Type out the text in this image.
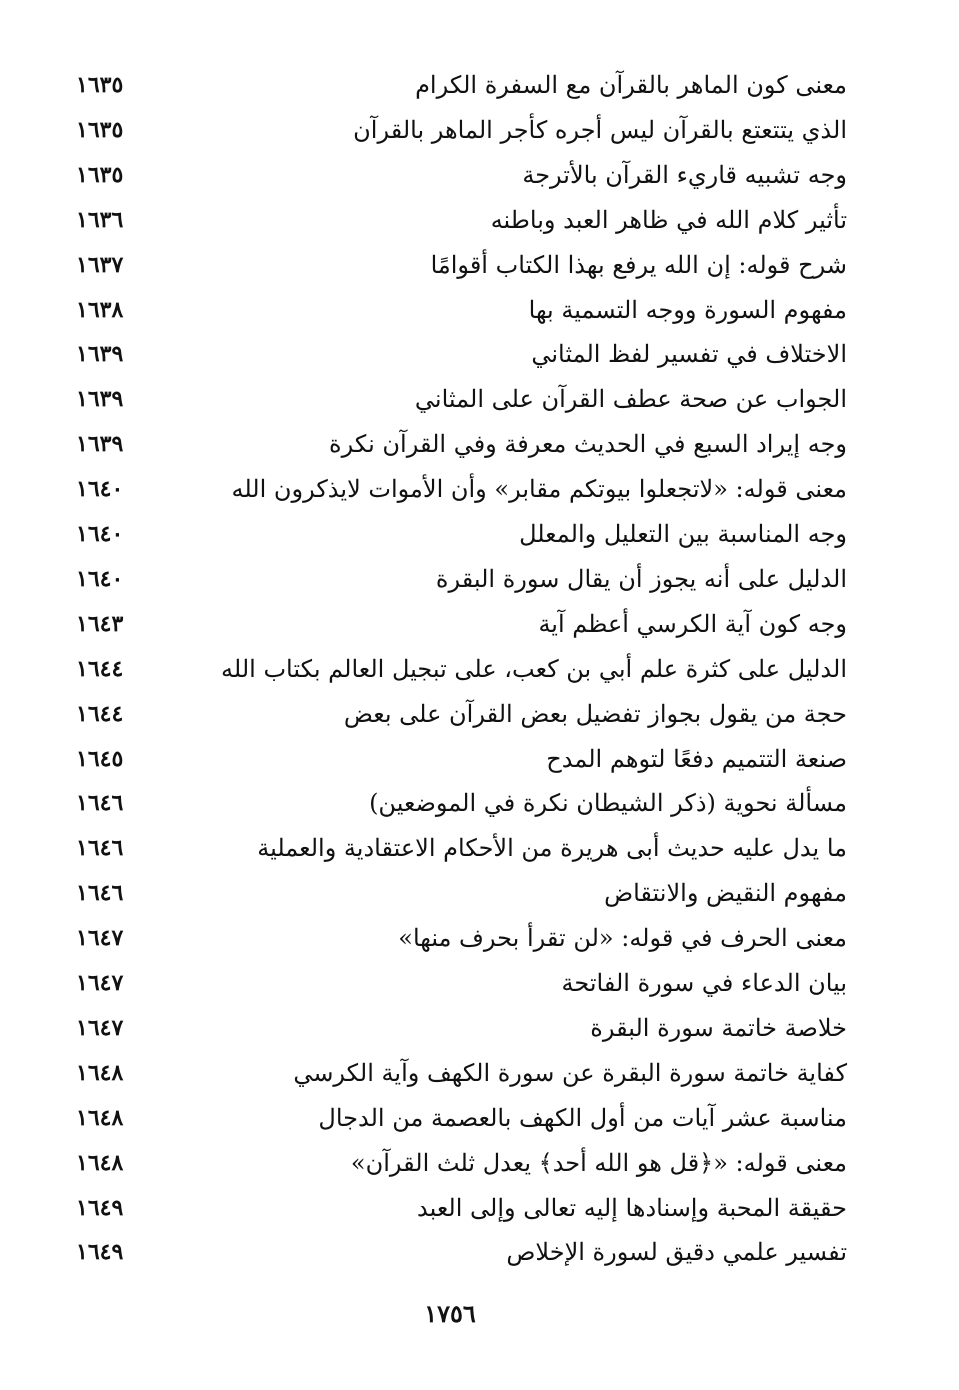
معنى كون الماهر بالقرآن مع السفرة الكرام
١٦٣٥
الذي يتتعتع بالقرآن ليس أجره كأجر الماهر بالقرآن
١٦٣٥
وجه تشبيه قاريء القرآن بالأترجة
١٦٣٥
تأثير كلام الله في ظاهر العبد وباطنه
١٦٣٦
شرح قوله: إن الله يرفع بهذا الكتاب أقوامًا
١٦٣٧
مفهوم السورة ووجه التسمية بها
١٦٣٨
الاختلاف في تفسير لفظ المثاني
١٦٣٩
الجواب عن صحة عطف القرآن على المثاني
١٦٣٩
وجه إيراد السبع في الحديث معرفة وفي القرآن نكرة
١٦٣٩
معنى قوله: «لاتجعلوا بيوتكم مقابر» وأن الأموات لايذكرون الله
١٦٤٠
وجه المناسبة بين التعليل والمعلل
١٦٤٠
الدليل على أنه يجوز أن يقال سورة البقرة
١٦٤٠
وجه كون آية الكرسي أعظم آية
١٦٤٣
الدليل على كثرة علم أبي بن كعب، على تبجيل العالم بكتاب الله
١٦٤٤
حجة من يقول بجواز تفضيل بعض القرآن على بعض
١٦٤٤
صنعة التتميم دفعًا لتوهم المدح
١٦٤٥
مسألة نحوية (ذكر الشيطان نكرة في الموضعين)
١٦٤٦
ما يدل عليه حديث أبى هريرة من الأحكام الاعتقادية والعملية
١٦٤٦
مفهوم النقيض والانتقاض
١٦٤٦
معنى الحرف في قوله: «لن تقرأ بحرف منها»
١٦٤٧
بيان الدعاء في سورة الفاتحة
١٦٤٧
خلاصة خاتمة سورة البقرة
١٦٤٧
كفاية خاتمة سورة البقرة عن سورة الكهف وآية الكرسي
١٦٤٨
مناسبة عشر آيات من أول الكهف بالعصمة من الدجال
١٦٤٨
معنى قوله: «﴿قل هو الله أحد﴾ يعدل ثلث القرآن»
١٦٤٨
حقيقة المحبة وإسنادها إليه تعالى وإلى العبد
١٦٤٩
تفسير علمي دقيق لسورة الإخلاص
١٦٤٩
١٧٥٦
